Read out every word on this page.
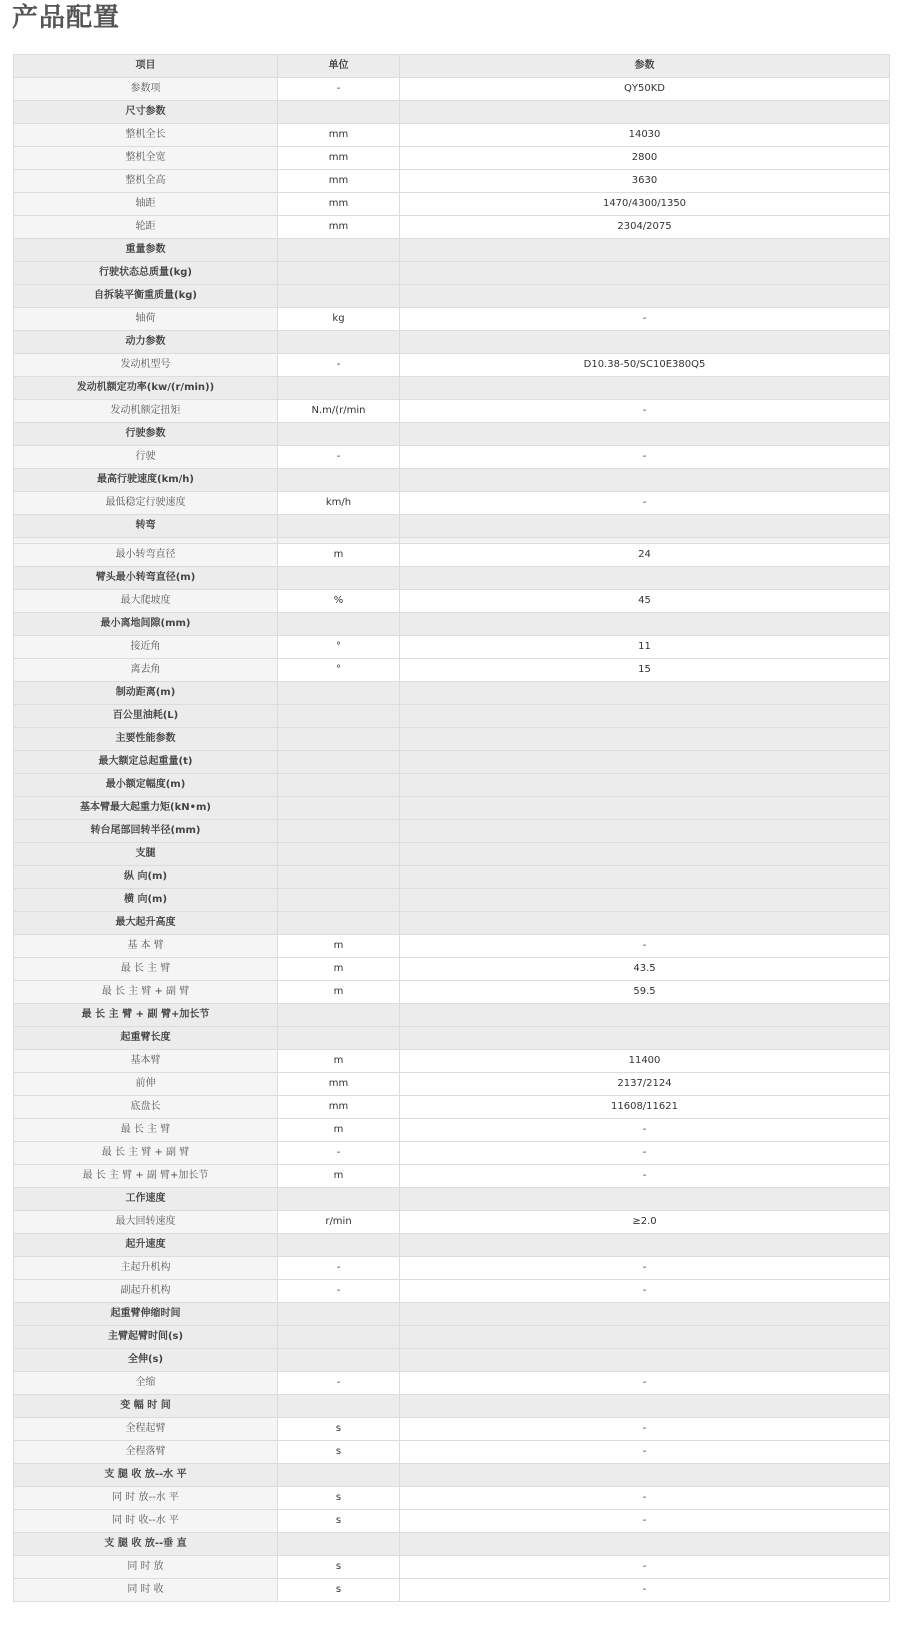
产品配置
项目	单位	参数
参数项	-	QY50KD
尺寸参数		
整机全长	mm	14030
整机全宽	mm	2800
整机全高	mm	3630
轴距	mm	1470/4300/1350
轮距	mm	2304/2075
重量参数		
行驶状态总质量(kg)		
自拆装平衡重质量(kg)		
轴荷	kg	-
动力参数		
发动机型号	-	D10.38-50/SC10E380Q5
发动机额定功率(kw/(r/min))		
发动机额定扭矩	N.m/(r/min	-
行驶参数		
行驶	-	-
最高行驶速度(km/h)		
最低稳定行驶速度	km/h	-
转弯		

最小转弯直径	m	24
臂头最小转弯直径(m)		
最大爬坡度	%	45
最小离地间隙(mm)		
接近角	°	11
离去角	°	15
制动距离(m)		
百公里油耗(L)		
主要性能参数		
最大额定总起重量(t)		
最小额定幅度(m)		
基本臂最大起重力矩(kN•m)		
转台尾部回转半径(mm)		
支腿		
纵 向(m)		
横 向(m)		
最大起升高度		
基 本 臂	m	-
最 长 主 臂	m	43.5
最 长 主 臂 + 副 臂	m	59.5
最 长 主 臂 + 副 臂+加长节		
起重臂长度		
基本臂	m	11400
前伸	mm	2137/2124
底盘长	mm	11608/11621
最 长 主 臂	m	-
最 长 主 臂 + 副 臂	-	-
最 长 主 臂 + 副 臂+加长节	m	-
工作速度		
最大回转速度	r/min	≥2.0
起升速度		
主起升机构	-	-
副起升机构	-	-
起重臂伸缩时间		
主臂起臂时间(s)		
全伸(s)		
全缩	-	-
变 幅 时 间		
全程起臂	s	-
全程落臂	s	-
支 腿 收 放--水 平		
同 时 放--水 平	s	-
同 时 收--水 平	s	-
支 腿 收 放--垂 直		
同 时 放	s	-
同 时 收	s	-
